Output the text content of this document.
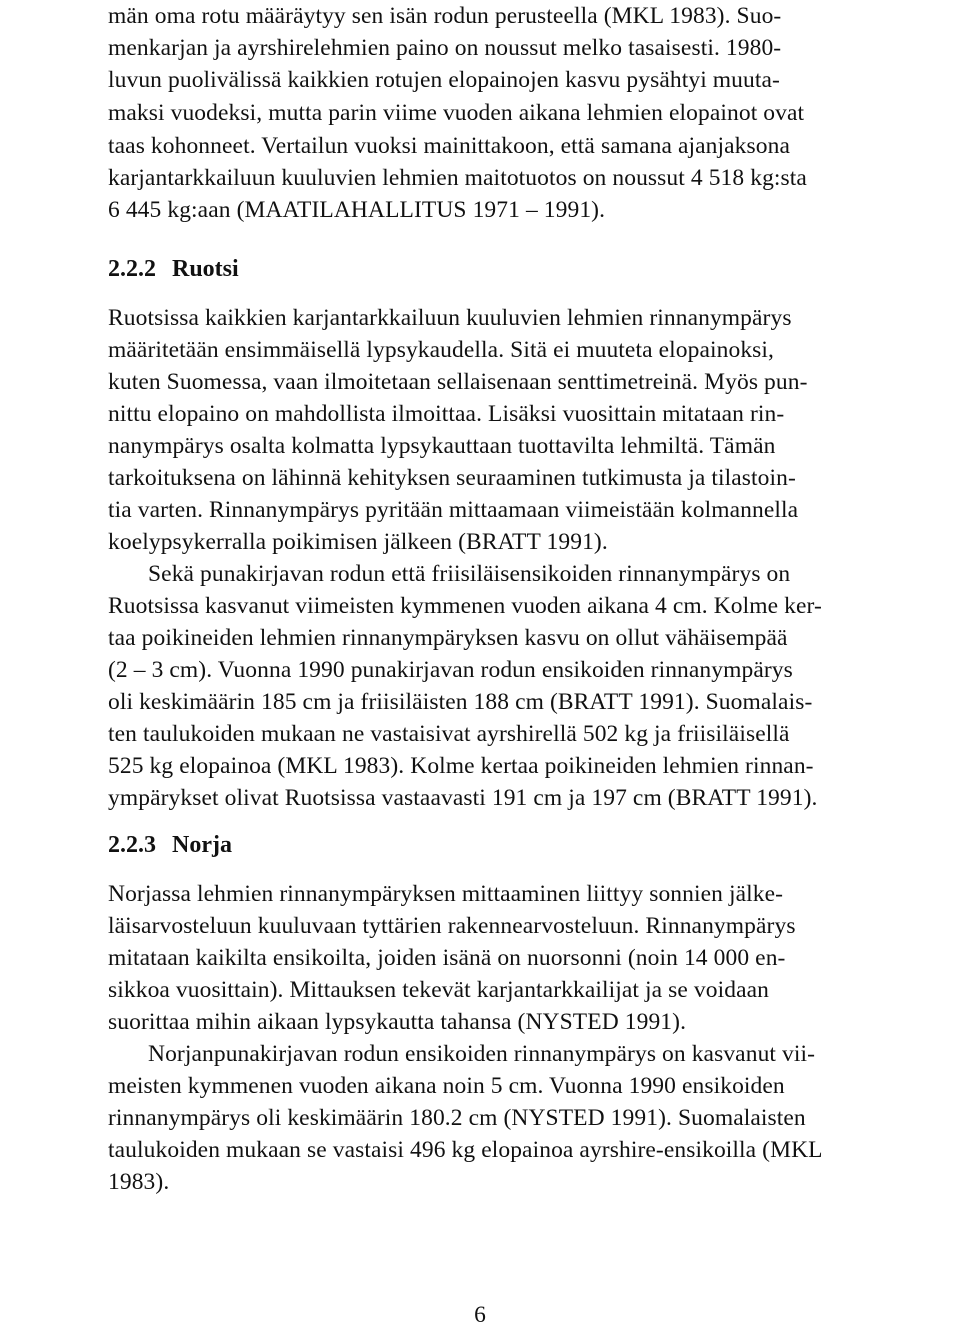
män oma rotu määräytyy sen isän rodun perusteella (MKL 1983). Suo-
menkarjan ja ayrshirelehmien paino on noussut melko tasaisesti. 1980-
luvun puolivälissä kaikkien rotujen elopainojen kasvu pysähtyi muuta-
maksi vuodeksi, mutta parin viime vuoden aikana lehmien elopainot ovat
taas kohonneet. Vertailun vuoksi mainittakoon, että samana ajanjaksona
karjantarkkailuun kuuluvien lehmien maitotuotos on noussut 4 518 kg:sta
6 445 kg:aan (MAATILAHALLITUS 1971 – 1991).
2.2.2 Ruotsi
Ruotsissa kaikkien karjantarkkailuun kuuluvien lehmien rinnanympärys
määritetään ensimmäisellä lypsykaudella. Sitä ei muuteta elopainoksi,
kuten Suomessa, vaan ilmoitetaan sellaisenaan senttimetreinä. Myös pun-
nittu elopaino on mahdollista ilmoittaa. Lisäksi vuosittain mitataan rin-
nanympärys osalta kolmatta lypsykauttaan tuottavilta lehmiltä. Tämän
tarkoituksena on lähinnä kehityksen seuraaminen tutkimusta ja tilastoin-
tia varten. Rinnanympärys pyritään mittaamaan viimeistään kolmannella
koelypsykerralla poikimisen jälkeen (BRATT 1991).
Sekä punakirjavan rodun että friisiläisensikoiden rinnanympärys on
Ruotsissa kasvanut viimeisten kymmenen vuoden aikana 4 cm. Kolme ker-
taa poikineiden lehmien rinnanympäryksen kasvu on ollut vähäisempää
(2 – 3 cm). Vuonna 1990 punakirjavan rodun ensikoiden rinnanympärys
oli keskimäärin 185 cm ja friisiläisten 188 cm (BRATT 1991). Suomalais-
ten taulukoiden mukaan ne vastaisivat ayrshirellä 502 kg ja friisiläisellä
525 kg elopainoa (MKL 1983). Kolme kertaa poikineiden lehmien rinnan-
ympärykset olivat Ruotsissa vastaavasti 191 cm ja 197 cm (BRATT 1991).
2.2.3 Norja
Norjassa lehmien rinnanympäryksen mittaaminen liittyy sonnien jälke-
läisarvosteluun kuuluvaan tyttärien rakennearvosteluun. Rinnanympärys
mitataan kaikilta ensikoilta, joiden isänä on nuorsonni (noin 14 000 en-
sikkoa vuosittain). Mittauksen tekevät karjantarkkailijat ja se voidaan
suorittaa mihin aikaan lypsykautta tahansa (NYSTED 1991).
Norjanpunakirjavan rodun ensikoiden rinnanympärys on kasvanut vii-
meisten kymmenen vuoden aikana noin 5 cm. Vuonna 1990 ensikoiden
rinnanympärys oli keskimäärin 180.2 cm (NYSTED 1991). Suomalaisten
taulukoiden mukaan se vastaisi 496 kg elopainoa ayrshire-ensikoilla (MKL
1983).
6
